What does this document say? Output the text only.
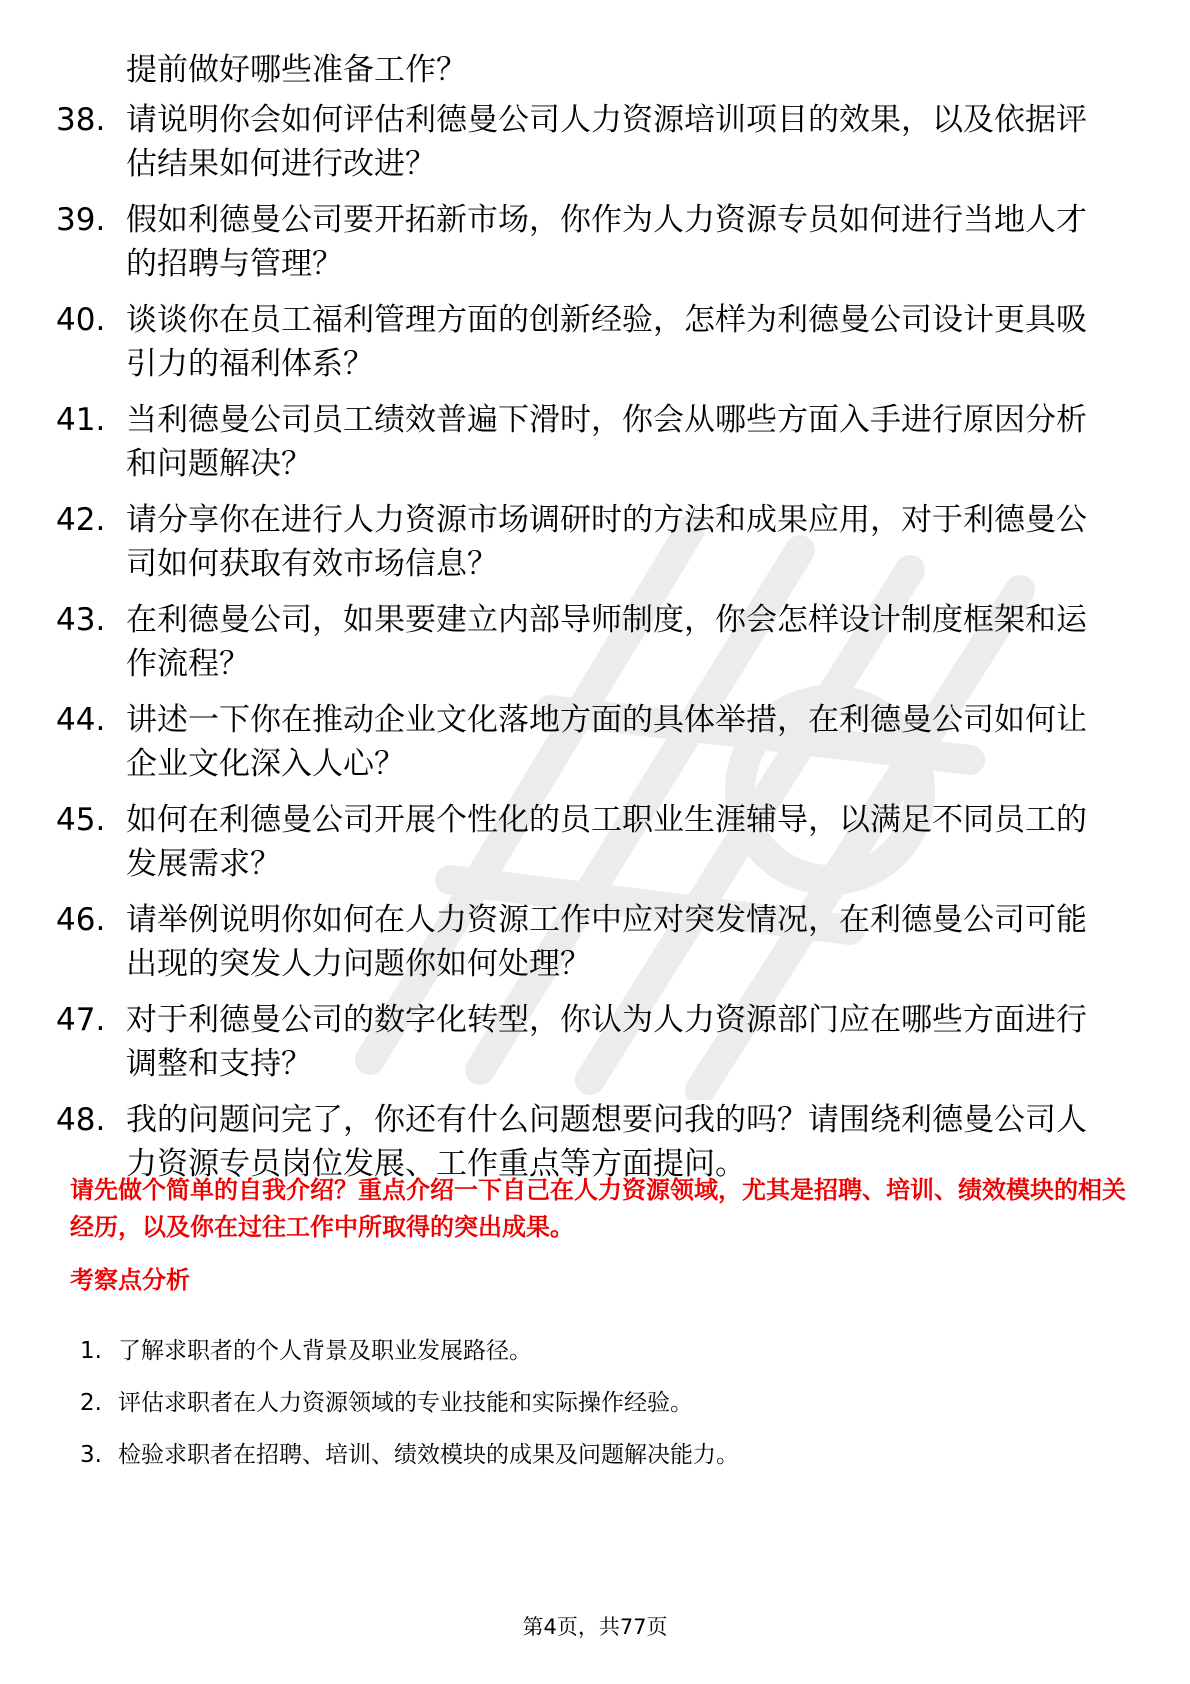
提前做好哪些准备工作？

38. 请说明你会如何评估利德曼公司人力资源培训项目的效果，以及依据评估结果如何进行改进？

39. 假如利德曼公司要开拓新市场，你作为人力资源专员如何进行当地人才的招聘与管理？

40. 谈谈你在员工福利管理方面的创新经验，怎样为利德曼公司设计更具吸引力的福利体系？

41. 当利德曼公司员工绩效普遍下滑时，你会从哪些方面入手进行原因分析和问题解决？

42. 请分享你在进行人力资源市场调研时的方法和成果应用，对于利德曼公司如何获取有效市场信息？

43. 在利德曼公司，如果要建立内部导师制度，你会怎样设计制度框架和运作流程？

44. 讲述一下你在推动企业文化落地方面的具体举措，在利德曼公司如何让企业文化深入人心？

45. 如何在利德曼公司开展个性化的员工职业生涯辅导，以满足不同员工的发展需求？

46. 请举例说明你如何在人力资源工作中应对突发情况，在利德曼公司可能出现的突发人力问题你如何处理？

47. 对于利德曼公司的数字化转型，你认为人力资源部门应在哪些方面进行调整和支持？

48. 我的问题问完了，你还有什么问题想要问我的吗？请围绕利德曼公司人力资源专员岗位发展、工作重点等方面提问。

请先做个简单的自我介绍？重点介绍一下自己在人力资源领域，尤其是招聘、培训、绩效模块的相关经历，以及你在过往工作中所取得的突出成果。

考察点分析
1. 了解求职者的个人背景及职业发展路径。
2. 评估求职者在人力资源领域的专业技能和实际操作经验。
3. 检验求职者在招聘、培训、绩效模块的成果及问题解决能力。

第4页，共77页
